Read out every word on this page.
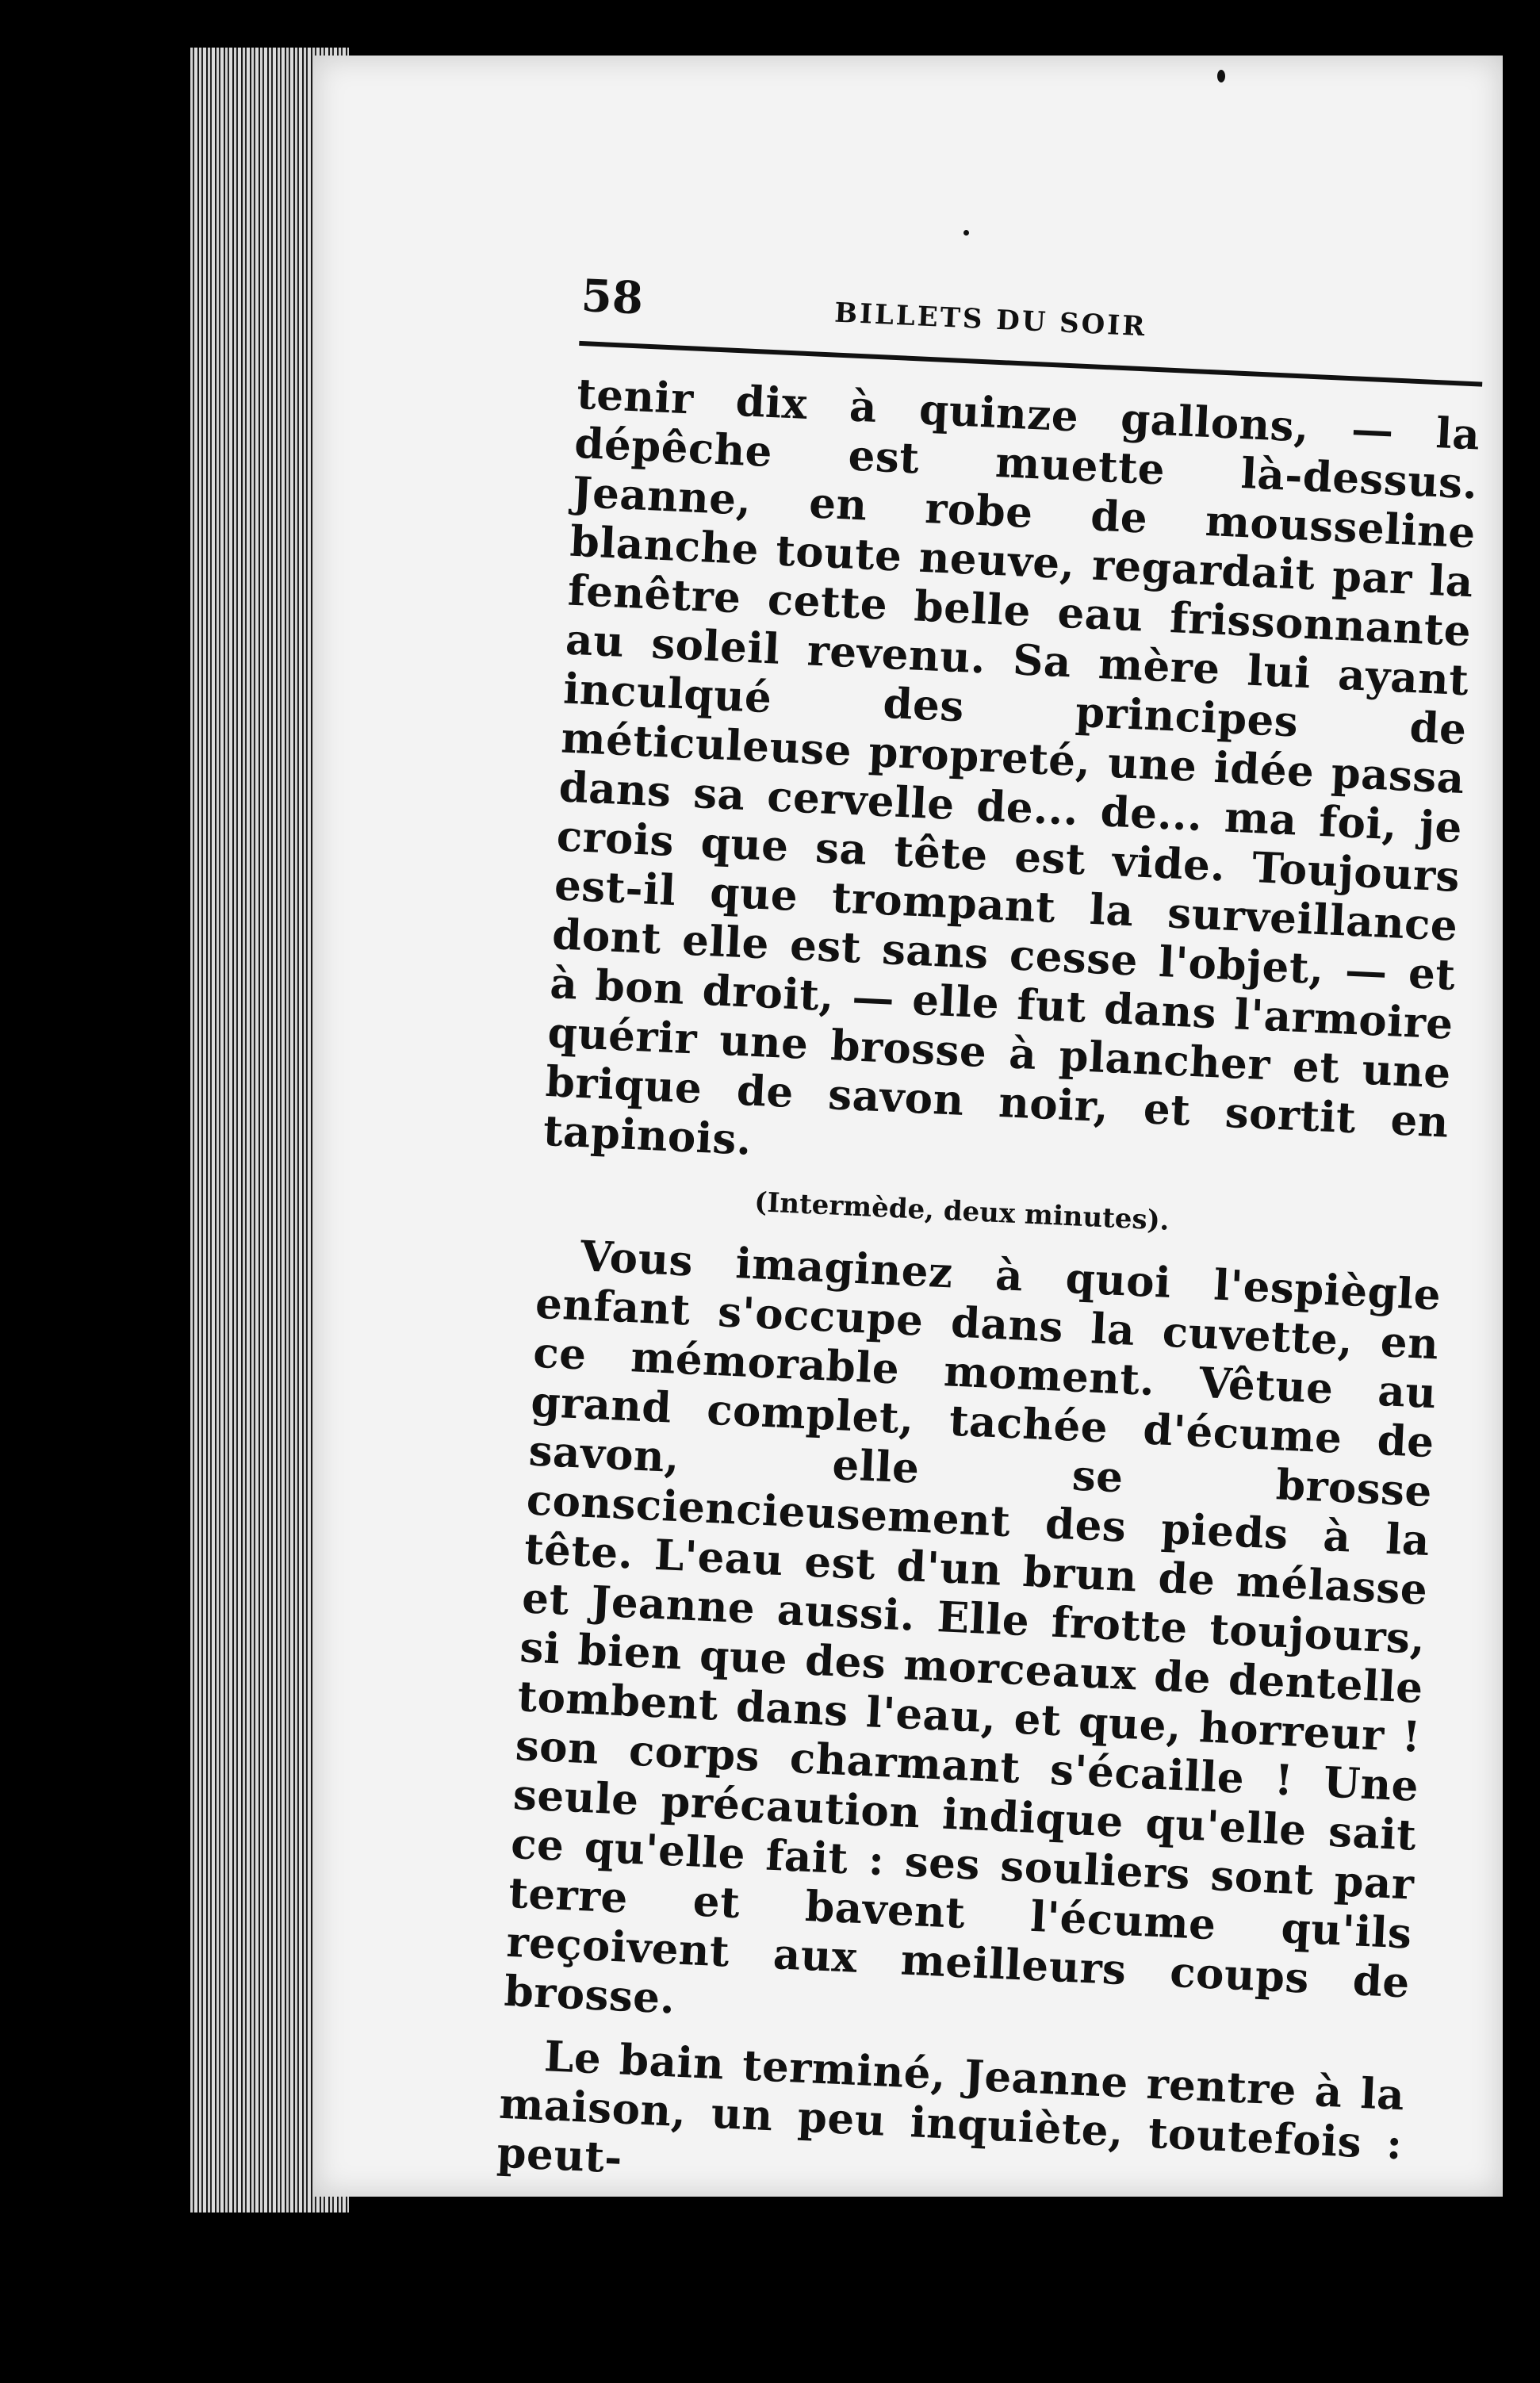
58	BILLETS DU SOIR

tenir dix à quinze gallons, — la dépêche est muette là-dessus. Jeanne, en robe de mousseline blanche toute neuve, regardait par la fenêtre cette belle eau frissonnante au soleil revenu. Sa mère lui ayant inculqué des principes de méticuleuse propreté, une idée passa dans sa cervelle de... de... ma foi, je crois que sa tête est vide. Toujours est-il que trompant la surveillance dont elle est sans cesse l'objet, — et à bon droit, — elle fut dans l'armoire quérir une brosse à plancher et une brique de savon noir, et sortit en tapinois.

(Intermède, deux minutes).

Vous imaginez à quoi l'espiègle enfant s'occupe dans la cuvette, en ce mémorable moment. Vêtue au grand complet, tachée d'écume de savon, elle se brosse consciencieusement des pieds à la tête. L'eau est d'un brun de mélasse et Jeanne aussi. Elle frotte toujours, si bien que des morceaux de dentelle tombent dans l'eau, et que, horreur ! son corps charmant s'écaille ! Une seule précaution indique qu'elle sait ce qu'elle fait : ses souliers sont par terre et bavent l'écume qu'ils reçoivent aux meilleurs coups de brosse.

Le bain terminé, Jeanne rentre à la maison, un peu inquiète, toutefois : peut-
